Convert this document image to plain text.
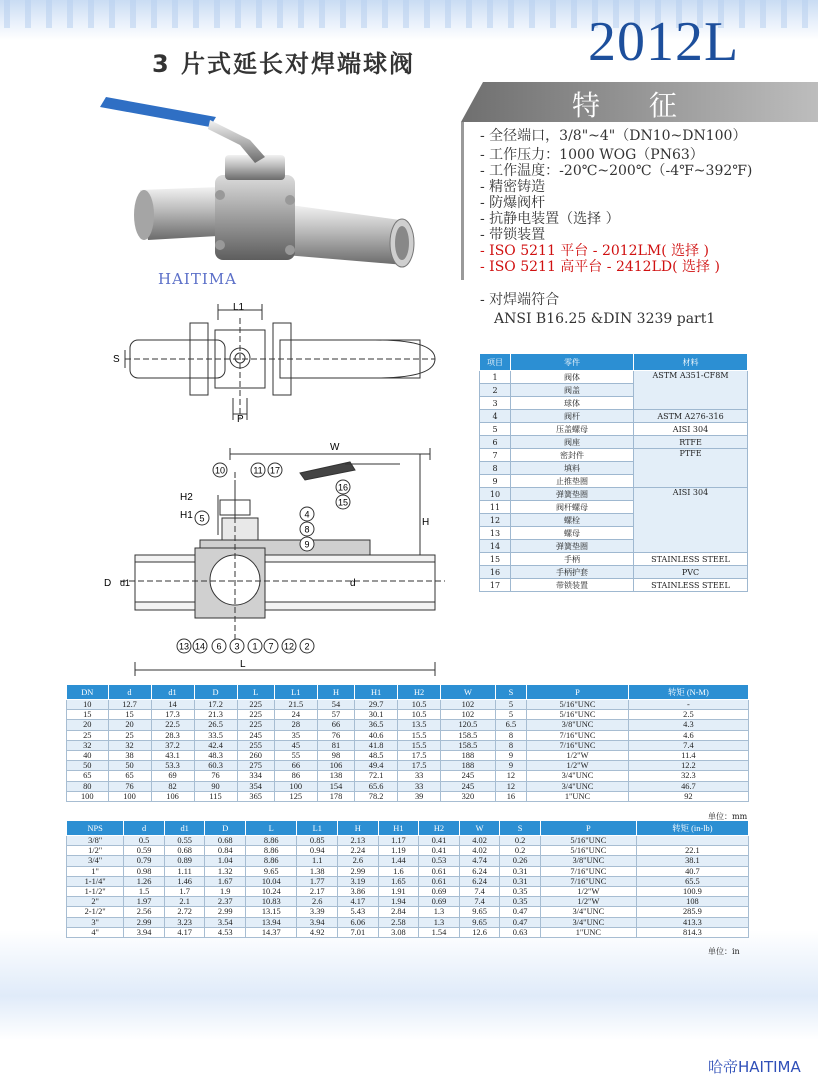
2012L
3 片式延长对焊端球阀
特 征
- 全径端口，3/8"~4"（DN10~DN100）
- 工作压力：1000 WOG（PN63）
- 工作温度：-20℃~200℃（-4℉~392℉)
- 精密铸造
- 防爆阀杆
- 抗静电装置（选择 ）
- 带锁装置
- ISO 5211 平台 - 2012LM( 选择 )
- ISO 5211 高平台 - 2412LD( 选择 )
- 对焊端符合
ANSI B16.25 &DIN 3239 part1
HAITIMA
L1
S
P
W
H
H2
H1
D d1	d
L
10	11 17
16
15
4
8
9
5
13 14 6 3 1 7 12 2
项目	零件	材料
1	阀体	ASTM A351-CF8M
2	阀盖	
3	球体	
4	阀杆	ASTM A276-316
5	压盖螺母	AISI 304
6	阀座	RTFE
7	密封件	PTFE
8	填料	
9	止推垫圈	
10	弹簧垫圈	AISI 304
11	阀杆螺母	
12	螺栓	
13	螺母	
14	弹簧垫圈	
15	手柄	STAINLESS STEEL
16	手柄护套	PVC
17	带锁装置	STAINLESS STEEL
DN	d	d1	D	L	L1	H	H1	H2	W	S	P	转矩 (N-M)
10	12.7	14	17.2	225	21.5	54	29.7	10.5	102	5	5/16"UNC	-
15	15	17.3	21.3	225	24	57	30.1	10.5	102	5	5/16"UNC	2.5
20	20	22.5	26.5	225	28	66	36.5	13.5	120.5	6.5	3/8"UNC	4.3
25	25	28.3	33.5	245	35	76	40.6	15.5	158.5	8	7/16"UNC	4.6
32	32	37.2	42.4	255	45	81	41.8	15.5	158.5	8	7/16"UNC	7.4
40	38	43.1	48.3	260	55	98	48.5	17.5	188	9	1/2"W	11.4
50	50	53.3	60.3	275	66	106	49.4	17.5	188	9	1/2"W	12.2
65	65	69	76	334	86	138	72.1	33	245	12	3/4"UNC	32.3
80	76	82	90	354	100	154	65.6	33	245	12	3/4"UNC	46.7
100	100	106	115	365	125	178	78.2	39	320	16	1"UNC	92
单位：mm
NPS	d	d1	D	L	L1	H	H1	H2	W	S	P	转矩 (in-lb)
3/8"	0.5	0.55	0.68	8.86	0.85	2.13	1.17	0.41	4.02	0.2	5/16"UNC	
1/2"	0.59	0.68	0.84	8.86	0.94	2.24	1.19	0.41	4.02	0.2	5/16"UNC	22.1
3/4"	0.79	0.89	1.04	8.86	1.1	2.6	1.44	0.53	4.74	0.26	3/8"UNC	38.1
1"	0.98	1.11	1.32	9.65	1.38	2.99	1.6	0.61	6.24	0.31	7/16"UNC	40.7
1-1/4"	1.26	1.46	1.67	10.04	1.77	3.19	1.65	0.61	6.24	0.31	7/16"UNC	65.5
1-1/2"	1.5	1.7	1.9	10.24	2.17	3.86	1.91	0.69	7.4	0.35	1/2"W	100.9
2"	1.97	2.1	2.37	10.83	2.6	4.17	1.94	0.69	7.4	0.35	1/2"W	108
2-1/2"	2.56	2.72	2.99	13.15	3.39	5.43	2.84	1.3	9.65	0.47	3/4"UNC	285.9
3"	2.99	3.23	3.54	13.94	3.94	6.06	2.58	1.3	9.65	0.47	3/4"UNC	413.3
4"	3.94	4.17	4.53	14.37	4.92	7.01	3.08	1.54	12.6	0.63	1"UNC	814.3
单位：in
哈帝HAITIMA
